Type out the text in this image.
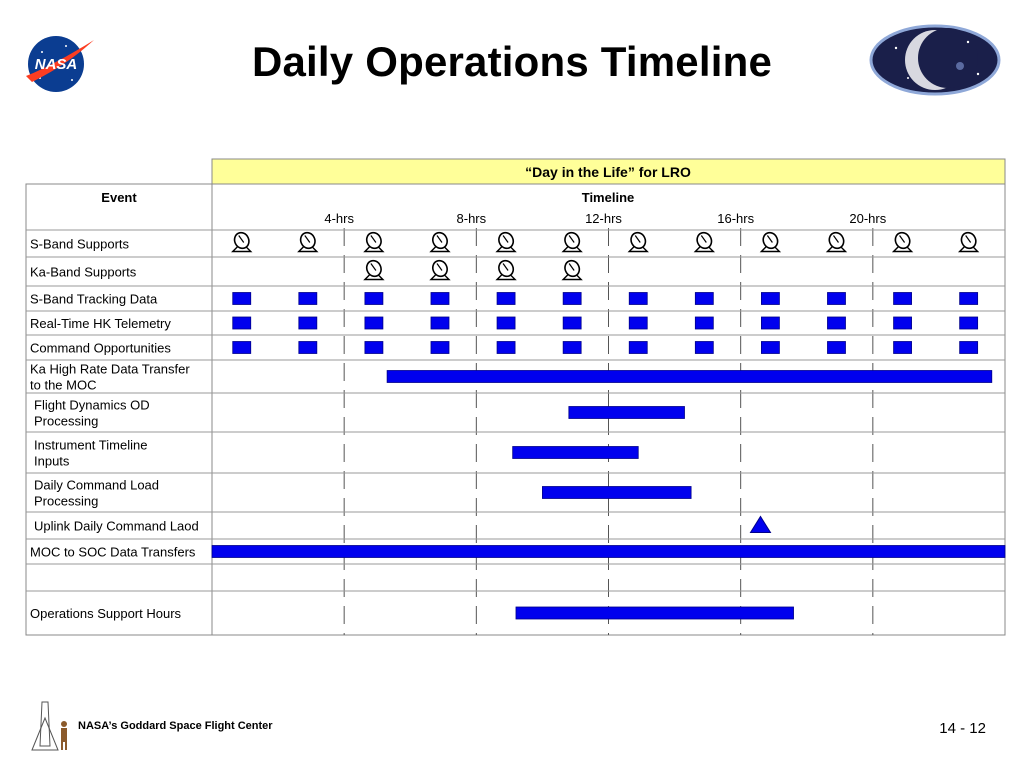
NASA	Daily Operations Timeline
“Day in the Life” for LRO
Event	Timeline
4-hrs	8-hrs	12-hrs	16-hrs	20-hrs
S-Band Supports
Ka-Band Supports
S-Band Tracking Data
Real-Time HK Telemetry
Command Opportunities
Ka High Rate Data Transfer
to the MOC
Flight Dynamics OD
Processing
Instrument Timeline
Inputs
Daily Command Load
Processing
Uplink Daily Command Laod
MOC to SOC Data Transfers
Operations Support Hours
NASA’s Goddard Space Flight Center	14 - 12
